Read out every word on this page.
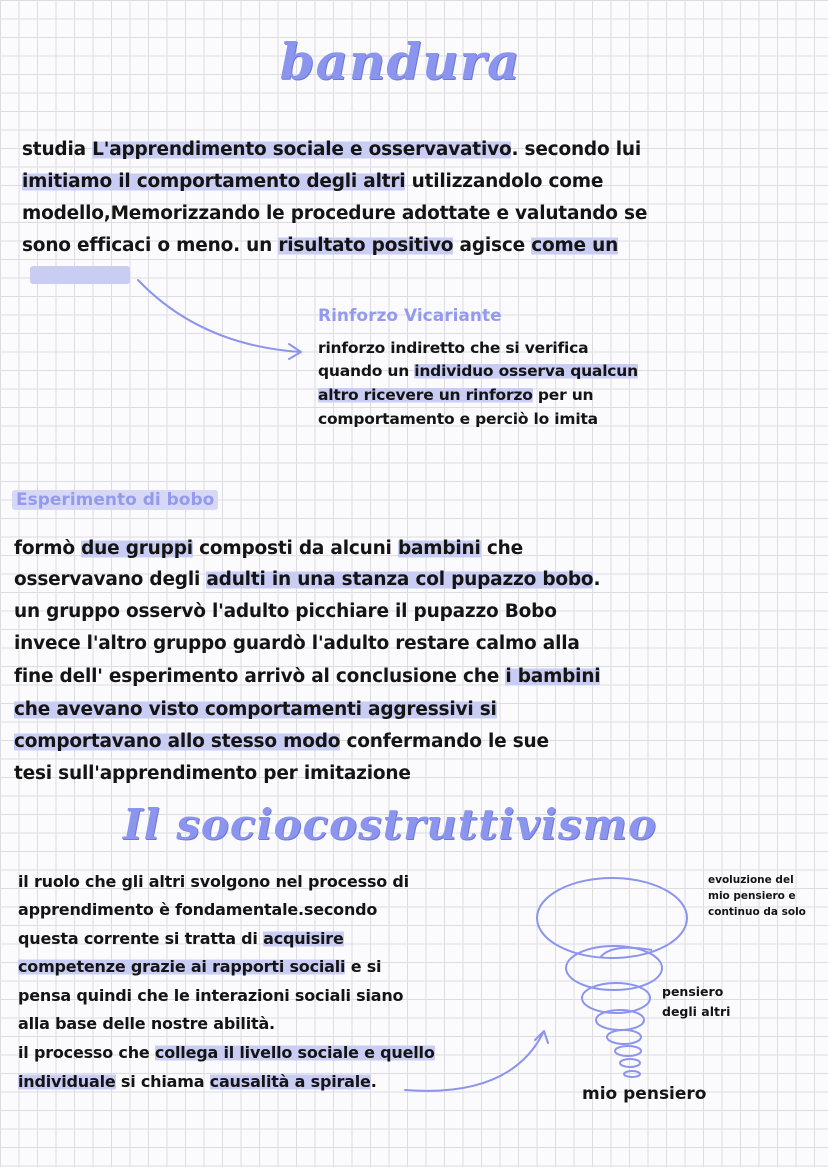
bandura
studia L'apprendimento sociale e osservavativo. secondo lui
imitiamo il comportamento degli altri utilizzandolo come
modello,Memorizzando le procedure adottate e valutando se
sono efficaci o meno. un risultato positivo agisce come un
Rinforzo Vicariante
rinforzo indiretto che si verifica
quando un individuo osserva qualcun
altro ricevere un rinforzo per un
comportamento e perciò lo imita
Esperimento di bobo
formò due gruppi composti da alcuni bambini che
osservavano degli adulti in una stanza col pupazzo bobo.
un gruppo osservò l'adulto picchiare il pupazzo Bobo
invece l'altro gruppo guardò l'adulto restare calmo alla
fine dell' esperimento arrivò al conclusione che i bambini
che avevano visto comportamenti aggressivi si
comportavano allo stesso modo confermando le sue
tesi sull'apprendimento per imitazione
Il sociocostruttivismo
il ruolo che gli altri svolgono nel processo di
apprendimento è fondamentale.secondo
questa corrente si tratta di acquisire
competenze grazie ai rapporti sociali e si
pensa quindi che le interazioni sociali siano
alla base delle nostre abilità.
il processo che collega il livello sociale e quello
individuale si chiama causalità a spirale.
evoluzione del mio pensiero e continuo da solo
pensiero degli altri
mio pensiero
